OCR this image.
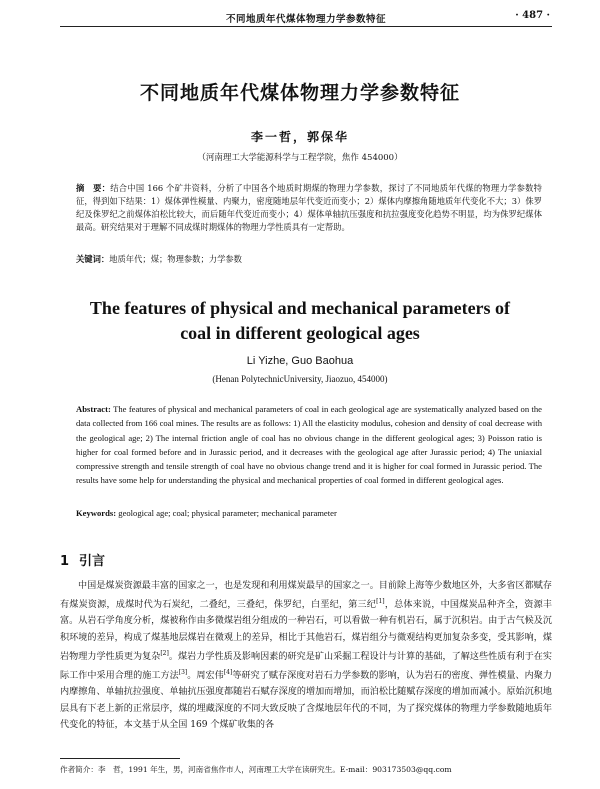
不同地质年代煤体物理力学参数特征	· 487 ·
不同地质年代煤体物理力学参数特征
李一哲，郭保华
（河南理工大学能源科学与工程学院，焦作 454000）
摘　要：结合中国 166 个矿井资料，分析了中国各个地质时期煤的物理力学参数，探讨了不同地质年代煤的物理力学参数特征，得到如下结果：1）煤体弹性模量、内聚力，密度随地层年代变近而变小；2）煤体内摩擦角随地质年代变化不大；3）侏罗纪及侏罗纪之前煤体泊松比较大，而后随年代变近而变小；4）煤体单轴抗压强度和抗拉强度变化趋势不明显，均为侏罗纪煤体最高。研究结果对于理解不同成煤时期煤体的物理力学性质具有一定帮助。
关键词：地质年代；煤；物理参数；力学参数
The features of physical and mechanical parameters of
coal in different geological ages
Li Yizhe, Guo Baohua
(Henan PolytechnicUniversity, Jiaozuo, 454000)
Abstract: The features of physical and mechanical parameters of coal in each geological age are systematically analyzed based on the data collected from 166 coal mines. The results are as follows: 1) All the elasticity modulus, cohesion and density of coal decrease with the geological age; 2) The internal friction angle of coal has no obvious change in the different geological ages; 3) Poisson ratio is higher for coal formed before and in Jurassic period, and it decreases with the geological age after Jurassic period; 4) The uniaxial compressive strength and tensile strength of coal have no obvious change trend and it is higher for coal formed in Jurassic period. The results have some help for understanding the physical and mechanical properties of coal formed in different geological ages.
Keywords: geological age; coal; physical parameter; mechanical parameter
1 引言
中国是煤炭资源最丰富的国家之一，也是发现和利用煤炭最早的国家之一。目前除上海等少数地区外，大多省区都赋存有煤炭资源，成煤时代为石炭纪，二叠纪，三叠纪，侏罗纪，白垩纪，第三纪[1]，总体来说，中国煤炭品种齐全，资源丰富。从岩石学角度分析，煤被称作由多微煤岩组分组成的一种岩石，可以看做一种有机岩石，属于沉积岩。由于古气候及沉积环境的差异，构成了煤基地层煤岩在微观上的差异，相比于其他岩石，煤岩组分与微观结构更加复杂多变，受其影响，煤岩物理力学性质更为复杂[2]。煤岩力学性质及影响因素的研究是矿山采掘工程设计与计算的基础，了解这些性质有利于在实际工作中采用合理的施工方法[3]。周宏伟[4]等研究了赋存深度对岩石力学参数的影响，认为岩石的密度、弹性模量、内聚力内摩擦角、单轴抗拉强度、单轴抗压强度都随岩石赋存深度的增加而增加，而泊松比随赋存深度的增加而减小。原始沉积地层具有下老上新的正常层序，煤的埋藏深度的不同大致反映了含煤地层年代的不同，为了探究煤体的物理力学参数随地质年代变化的特征，本文基于从全国 169 个煤矿收集的各
作者简介：李　哲，1991 年生，男，河南省焦作市人，河南理工大学在读研究生。E-mail：903173503@qq.com
